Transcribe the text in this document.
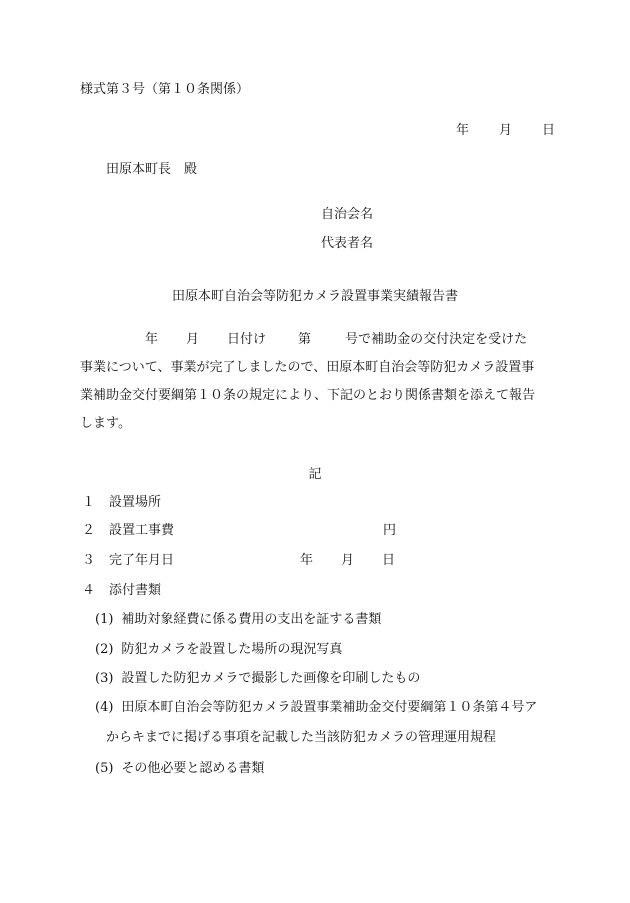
様式第３号（第１０条関係）
年 月 日
田原本町長　殿
自治会名
代表者名
田原本町自治会等防犯カメラ設置事業実績報告書
年 月 日付け 第	号で補助金の交付決定を受けた
事業について、事業が完了しましたので、田原本町自治会等防犯カメラ設置事
業補助金交付要綱第１０条の規定により、下記のとおり関係書類を添えて報告
します。
記
１ 設置場所
２ 設置工事費	円
３ 完了年月日	年 月 日
４ 添付書類
(1) 補助対象経費に係る費用の支出を証する書類
(2) 防犯カメラを設置した場所の現況写真
(3) 設置した防犯カメラで撮影した画像を印刷したもの
(4) 田原本町自治会等防犯カメラ設置事業補助金交付要綱第１０条第４号ア
からキまでに掲げる事項を記載した当該防犯カメラの管理運用規程
(5) その他必要と認める書類
